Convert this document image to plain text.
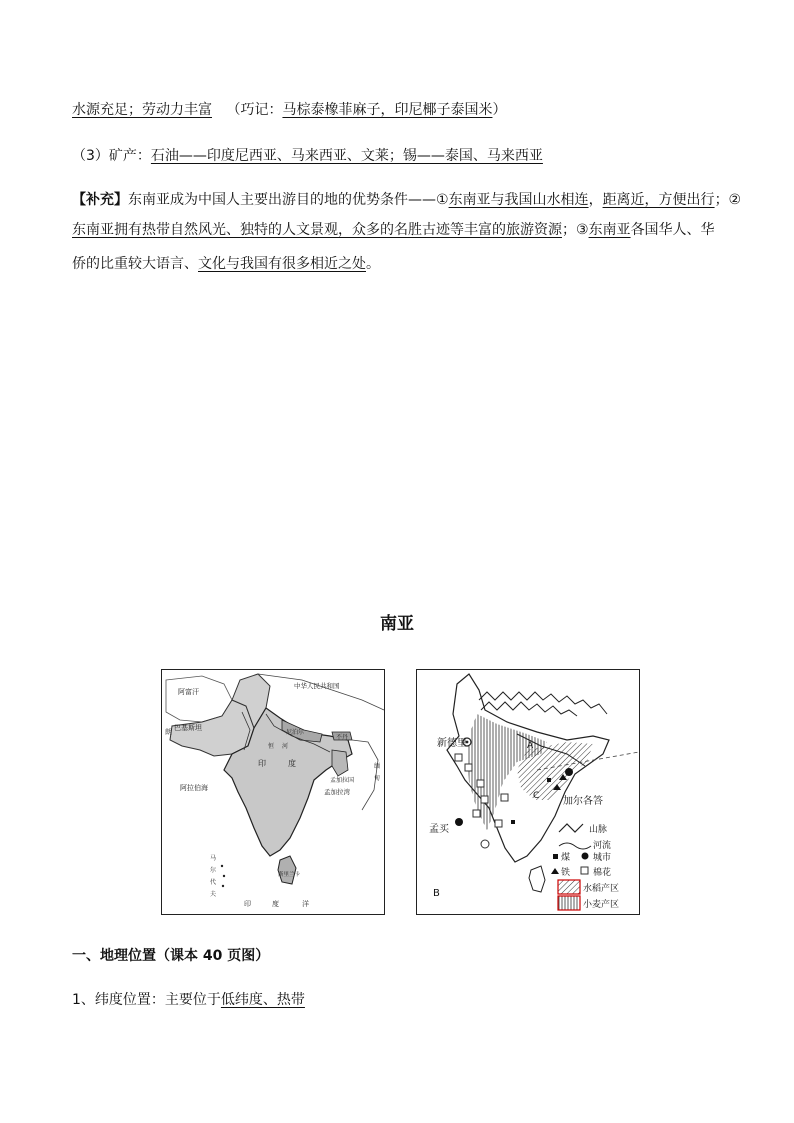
水源充足；劳动力丰富 （巧记：马棕泰橡菲麻子，印尼椰子泰国米）
（3）矿产：石油——印度尼西亚、马来西亚、文莱；锡——泰国、马来西亚
【补充】东南亚成为中国人主要出游目的地的优势条件——①东南亚与我国山水相连，距离近，方便出行；②
东南亚拥有热带自然风光、独特的人文景观，众多的名胜古迹等丰富的旅游资源；③东南亚各国华人、华
侨的比重较大语言、文化与我国有很多相近之处。
南亚
阿富汗
中华人民共和国
巴基斯坦
朗	尼泊尔
不丹
恒 河
印	度
孟加拉国
孟加拉湾
缅
甸
阿拉伯海
马
尔
代
夫
斯里兰卡
印	度	洋
新德里
加尔各答
孟买
A
C
B
山脉
河流
煤	城市
铁	棉花
水稻产区
小麦产区
一、地理位置（课本 40 页图）
1、纬度位置：主要位于低纬度、热带
